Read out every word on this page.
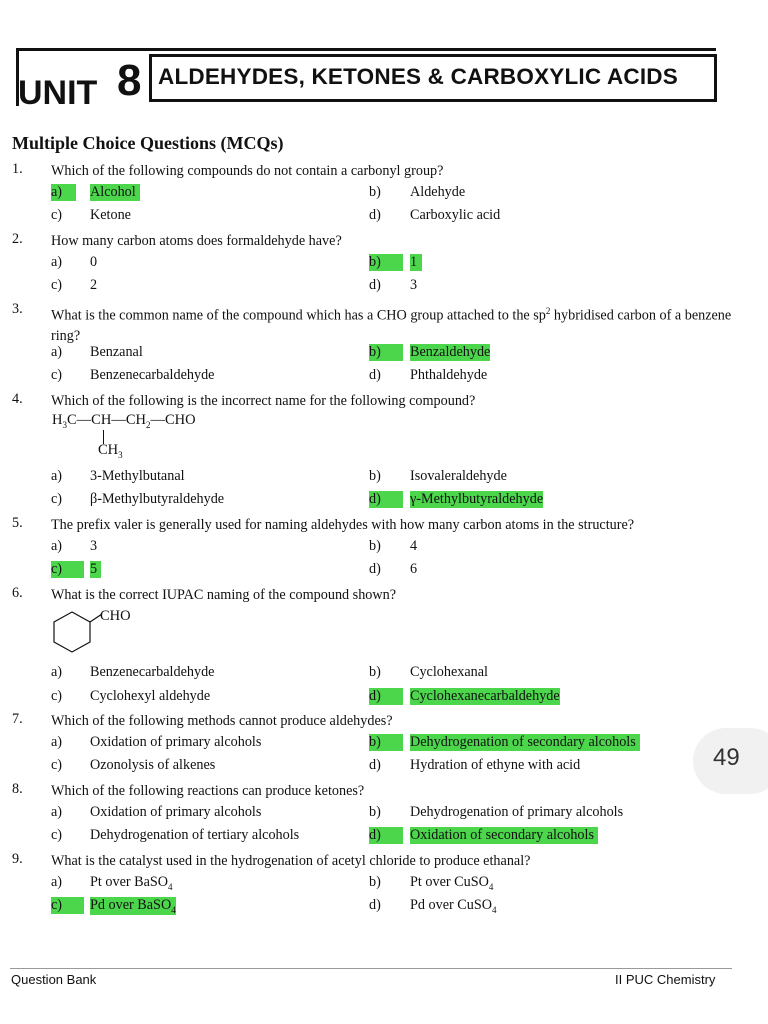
UNIT 8 ALDEHYDES, KETONES & CARBOXYLIC ACIDS
Multiple Choice Questions (MCQs)
1. Which of the following compounds do not contain a carbonyl group?
a)	Alcohol	b) Aldehyde
c) Ketone	d) Carboxylic acid
2. How many carbon atoms does formaldehyde have?
a) 0	b)	1
c) 2	d) 3
3. What is the common name of the compound which has a CHO group attached to the $sp^2$ hybridised carbon of a benzene ring?
a) Benzanal	b)	Benzaldehyde
c) Benzenecarbaldehyde	d) Phthaldehyde
4. Which of the following is the incorrect name for the following compound?
$H_3C—CH—CH_2—CHO$
$CH_3$
a) 3-Methylbutanal	b) Isovaleraldehyde
c) β-Methylbutyraldehyde	d)	γ-Methylbutyraldehyde
5. The prefix valer is generally used for naming aldehydes with how many carbon atoms in the structure?
a) 3	b) 4
c)	5	d) 6
6. What is the correct IUPAC naming of the compound shown?
CHO
a) Benzenecarbaldehyde	b) Cyclohexanal
c) Cyclohexyl aldehyde	d)	Cyclohexanecarbaldehyde
7. Which of the following methods cannot produce aldehydes?
a) Oxidation of primary alcohols	b)	Dehydrogenation of secondary alcohols
c) Ozonolysis of alkenes	d) Hydration of ethyne with acid	49
8. Which of the following reactions can produce ketones?
a) Oxidation of primary alcohols	b) Dehydrogenation of primary alcohols
c) Dehydrogenation of tertiary alcohols	d)	Oxidation of secondary alcohols
9. What is the catalyst used in the hydrogenation of acetyl chloride to produce ethanal?
a) Pt over BaSO$_4$	b) Pt over CuSO$_4$
c)	Pd over BaSO$_4$	d) Pd over CuSO$_4$
Question Bank	II PUC Chemistry
